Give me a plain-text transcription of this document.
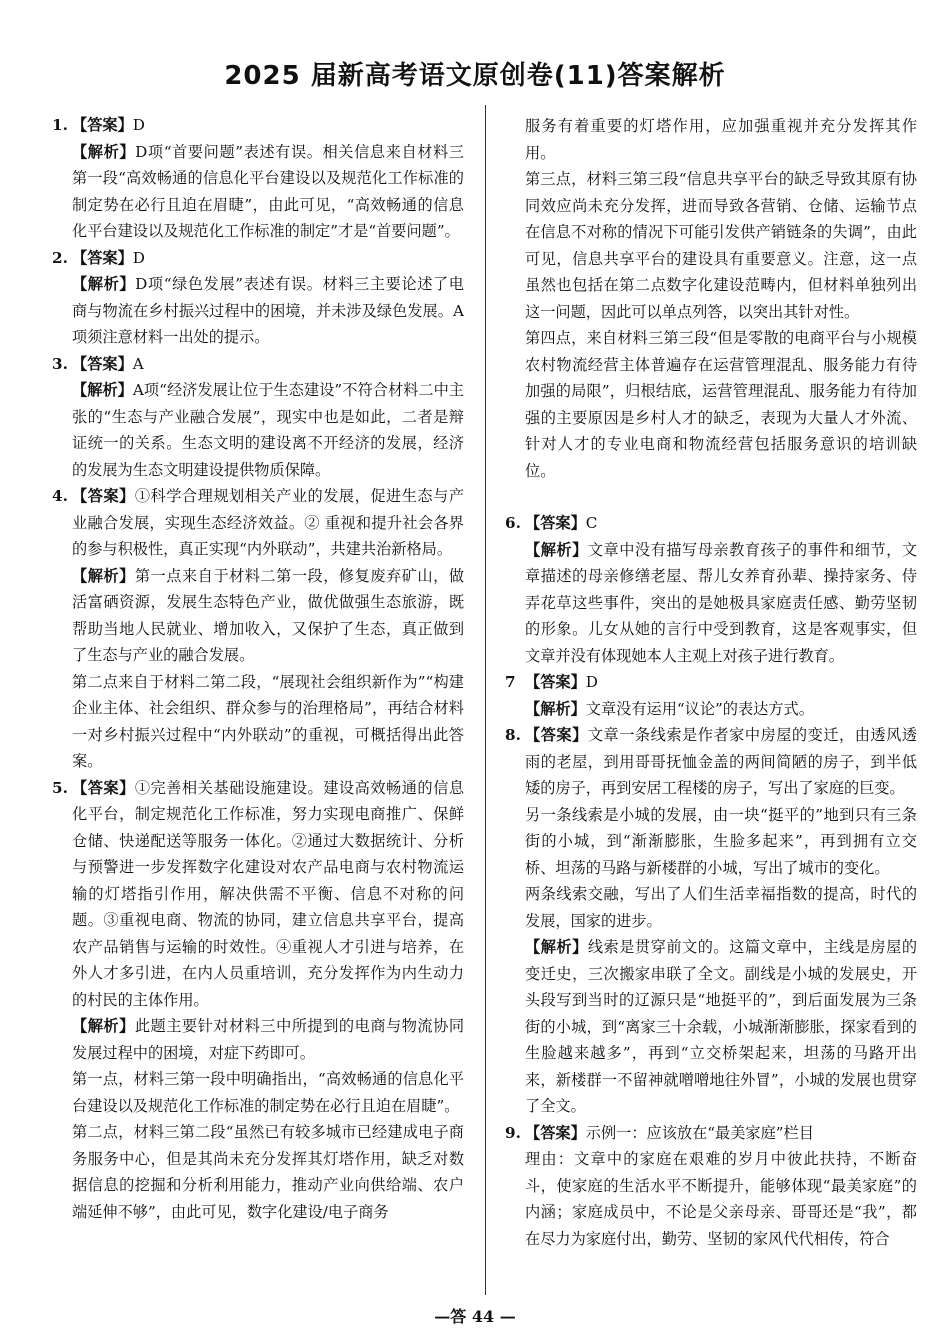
2025 届新高考语文原创卷(11)答案解析
1. 【答案】D
【解析】D项“首要问题”表述有误。相关信息来自材料三第一段“高效畅通的信息化平台建设以及规范化工作标准的制定势在必行且迫在眉睫”，由此可见，“高效畅通的信息化平台建设以及规范化工作标准的制定”才是“首要问题”。
2. 【答案】D
【解析】D项“绿色发展”表述有误。材料三主要论述了电商与物流在乡村振兴过程中的困境，并未涉及绿色发展。A项须注意材料一出处的提示。
3. 【答案】A
【解析】A项“经济发展让位于生态建设”不符合材料二中主张的“生态与产业融合发展”，现实中也是如此，二者是辩证统一的关系。生态文明的建设离不开经济的发展，经济的发展为生态文明建设提供物质保障。
4. 【答案】①科学合理规划相关产业的发展，促进生态与产业融合发展，实现生态经济效益。② 重视和提升社会各界的参与积极性，真正实现“内外联动”，共建共治新格局。
【解析】第一点来自于材料二第一段，修复废弃矿山，做活富硒资源，发展生态特色产业，做优做强生态旅游，既帮助当地人民就业、增加收入，又保护了生态，真正做到了生态与产业的融合发展。
第二点来自于材料二第二段，“展现社会组织新作为”“构建企业主体、社会组织、群众参与的治理格局”，再结合材料一对乡村振兴过程中“内外联动”的重视，可概括得出此答案。
5. 【答案】①完善相关基础设施建设。建设高效畅通的信息化平台，制定规范化工作标准，努力实现电商推广、保鲜仓储、快递配送等服务一体化。②通过大数据统计、分析与预警进一步发挥数字化建设对农产品电商与农村物流运输的灯塔指引作用，解决供需不平衡、信息不对称的问题。③重视电商、物流的协同，建立信息共享平台，提高农产品销售与运输的时效性。④重视人才引进与培养，在外人才多引进，在内人员重培训，充分发挥作为内生动力的村民的主体作用。
【解析】此题主要针对材料三中所提到的电商与物流协同发展过程中的困境，对症下药即可。
第一点，材料三第一段中明确指出，“高效畅通的信息化平台建设以及规范化工作标准的制定势在必行且迫在眉睫”。
第二点，材料三第二段“虽然已有较多城市已经建成电子商务服务中心，但是其尚未充分发挥其灯塔作用，缺乏对数据信息的挖掘和分析利用能力，推动产业向供给端、农户端延伸不够”，由此可见，数字化建设/电子商务
服务有着重要的灯塔作用，应加强重视并充分发挥其作用。
第三点，材料三第三段“信息共享平台的缺乏导致其原有协同效应尚未充分发挥，进而导致各营销、仓储、运输节点在信息不对称的情况下可能引发供产销链条的失调”，由此可见，信息共享平台的建设具有重要意义。注意，这一点虽然也包括在第二点数字化建设范畴内，但材料单独列出这一问题，因此可以单点列答，以突出其针对性。
第四点，来自材料三第三段“但是零散的电商平台与小规模农村物流经营主体普遍存在运营管理混乱、服务能力有待加强的局限”，归根结底，运营管理混乱、服务能力有待加强的主要原因是乡村人才的缺乏，表现为大量人才外流、针对人才的专业电商和物流经营包括服务意识的培训缺位。
6. 【答案】C
【解析】文章中没有描写母亲教育孩子的事件和细节，文章描述的母亲修缮老屋、帮儿女养育孙辈、操持家务、侍弄花草这些事件，突出的是她极具家庭责任感、勤劳坚韧的形象。儿女从她的言行中受到教育，这是客观事实，但文章并没有体现她本人主观上对孩子进行教育。
7 【答案】D
【解析】文章没有运用“议论”的表达方式。
8. 【答案】文章一条线索是作者家中房屋的变迁，由透风透雨的老屋，到用哥哥抚恤金盖的两间简陋的房子，到半低矮的房子，再到安居工程楼的房子，写出了家庭的巨变。
另一条线索是小城的发展，由一块“挺平的”地到只有三条街的小城，到“渐渐膨胀，生脸多起来”，再到拥有立交桥、坦荡的马路与新楼群的小城，写出了城市的变化。
两条线索交融，写出了人们生活幸福指数的提高，时代的发展，国家的进步。
【解析】线索是贯穿前文的。这篇文章中，主线是房屋的变迁史，三次搬家串联了全文。副线是小城的发展史，开头段写到当时的辽源只是“地挺平的”，到后面发展为三条街的小城，到“离家三十余载，小城渐渐膨胀，探家看到的生脸越来越多”，再到“立交桥架起来，坦荡的马路开出来，新楼群一不留神就噌噌地往外冒”，小城的发展也贯穿了全文。
9. 【答案】示例一：应该放在“最美家庭”栏目
理由：文章中的家庭在艰难的岁月中彼此扶持，不断奋斗，使家庭的生活水平不断提升，能够体现“最美家庭”的内涵；家庭成员中，不论是父亲母亲、哥哥还是“我”，都在尽力为家庭付出，勤劳、坚韧的家风代代相传，符合
—答 44 —
